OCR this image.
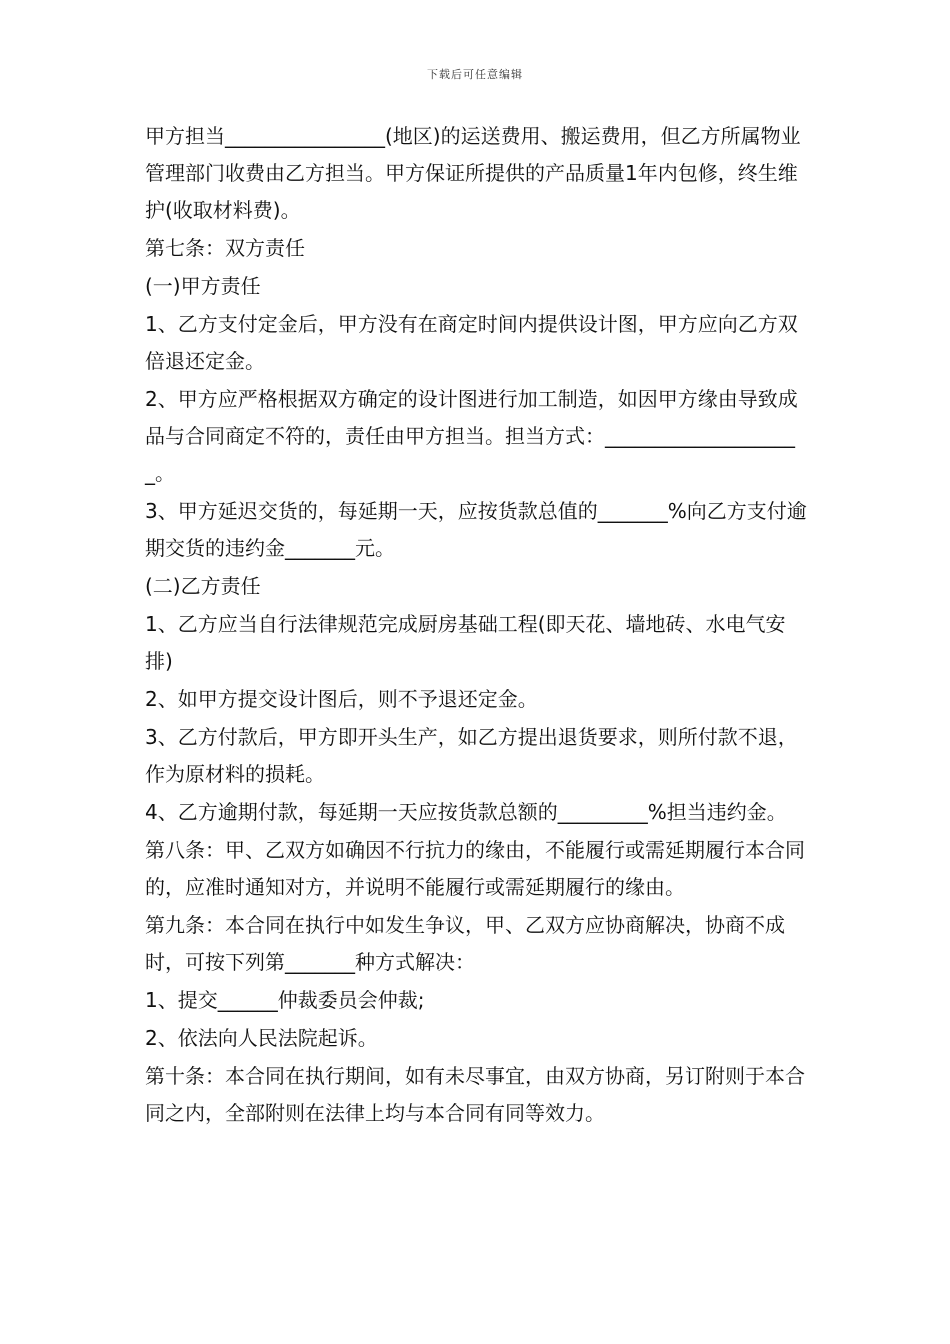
下载后可任意编辑

甲方担当________________(地区)的运送费用、搬运费用，但乙方所属物业管理部门收费由乙方担当。甲方保证所提供的产品质量1年内包修，终生维护(收取材料费)。

第七条：双方责任

(一)甲方责任

1、乙方支付定金后，甲方没有在商定时间内提供设计图，甲方应向乙方双倍退还定金。

2、甲方应严格根据双方确定的设计图进行加工制造，如因甲方缘由导致成品与合同商定不符的，责任由甲方担当。担当方式：____________________。

3、甲方延迟交货的，每延期一天，应按货款总值的_______%向乙方支付逾期交货的违约金_______元。

(二)乙方责任

1、乙方应当自行法律规范完成厨房基础工程(即天花、墙地砖、水电气安排)

2、如甲方提交设计图后，则不予退还定金。

3、乙方付款后，甲方即开头生产，如乙方提出退货要求，则所付款不退，作为原材料的损耗。

4、乙方逾期付款，每延期一天应按货款总额的_________%担当违约金。

第八条：甲、乙双方如确因不行抗力的缘由，不能履行或需延期履行本合同的，应准时通知对方，并说明不能履行或需延期履行的缘由。

第九条：本合同在执行中如发生争议，甲、乙双方应协商解决，协商不成时，可按下列第_______种方式解决：

1、提交______仲裁委员会仲裁;

2、依法向人民法院起诉。

第十条：本合同在执行期间，如有未尽事宜，由双方协商，另订附则于本合同之内，全部附则在法律上均与本合同有同等效力。
